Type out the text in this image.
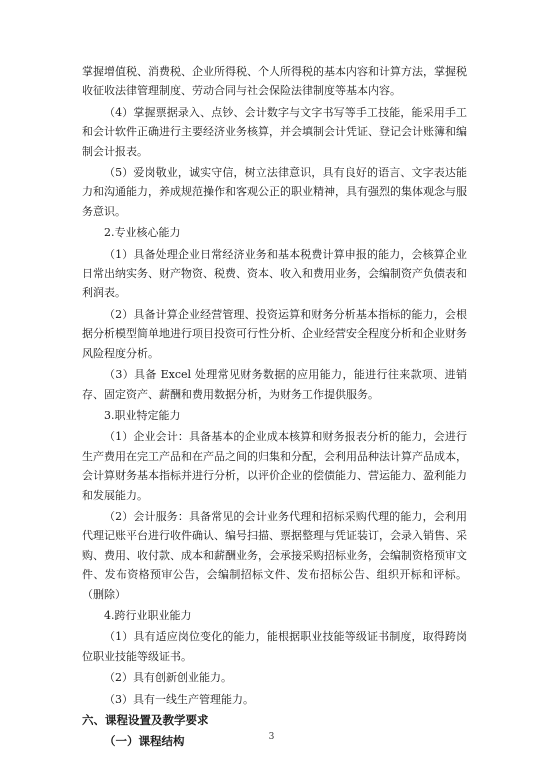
掌握增值税、消费税、企业所得税、个人所得税的基本内容和计算方法，掌握税收征收法律管理制度、劳动合同与社会保险法律制度等基本内容。

（4）掌握票据录入、点钞、会计数字与文字书写等手工技能，能采用手工和会计软件正确进行主要经济业务核算，并会填制会计凭证、登记会计账簿和编制会计报表。

（5）爱岗敬业，诚实守信，树立法律意识，具有良好的语言、文字表达能力和沟通能力，养成规范操作和客观公正的职业精神，具有强烈的集体观念与服务意识。

2.专业核心能力

（1）具备处理企业日常经济业务和基本税费计算申报的能力，会核算企业日常出纳实务、财产物资、税费、资本、收入和费用业务，会编制资产负债表和利润表。

（2）具备计算企业经营管理、投资运算和财务分析基本指标的能力，会根据分析模型简单地进行项目投资可行性分析、企业经营安全程度分析和企业财务风险程度分析。

（3）具备 Excel 处理常见财务数据的应用能力，能进行往来款项、进销存、固定资产、薪酬和费用数据分析，为财务工作提供服务。

3.职业特定能力

（1）企业会计：具备基本的企业成本核算和财务报表分析的能力，会进行生产费用在完工产品和在产品之间的归集和分配，会利用品种法计算产品成本，会计算财务基本指标并进行分析，以评价企业的偿债能力、营运能力、盈利能力和发展能力。

（2）会计服务：具备常见的会计业务代理和招标采购代理的能力，会利用代理记账平台进行收件确认、编号扫描、票据整理与凭证装订，会录入销售、采购、费用、收付款、成本和薪酬业务，会承接采购招标业务，会编制资格预审文件、发布资格预审公告，会编制招标文件、发布招标公告、组织开标和评标。（删除）

4.跨行业职业能力

（1）具有适应岗位变化的能力，能根据职业技能等级证书制度，取得跨岗位职业技能等级证书。

（2）具有创新创业能力。

（3）具有一线生产管理能力。

六、课程设置及教学要求

（一）课程结构	3
